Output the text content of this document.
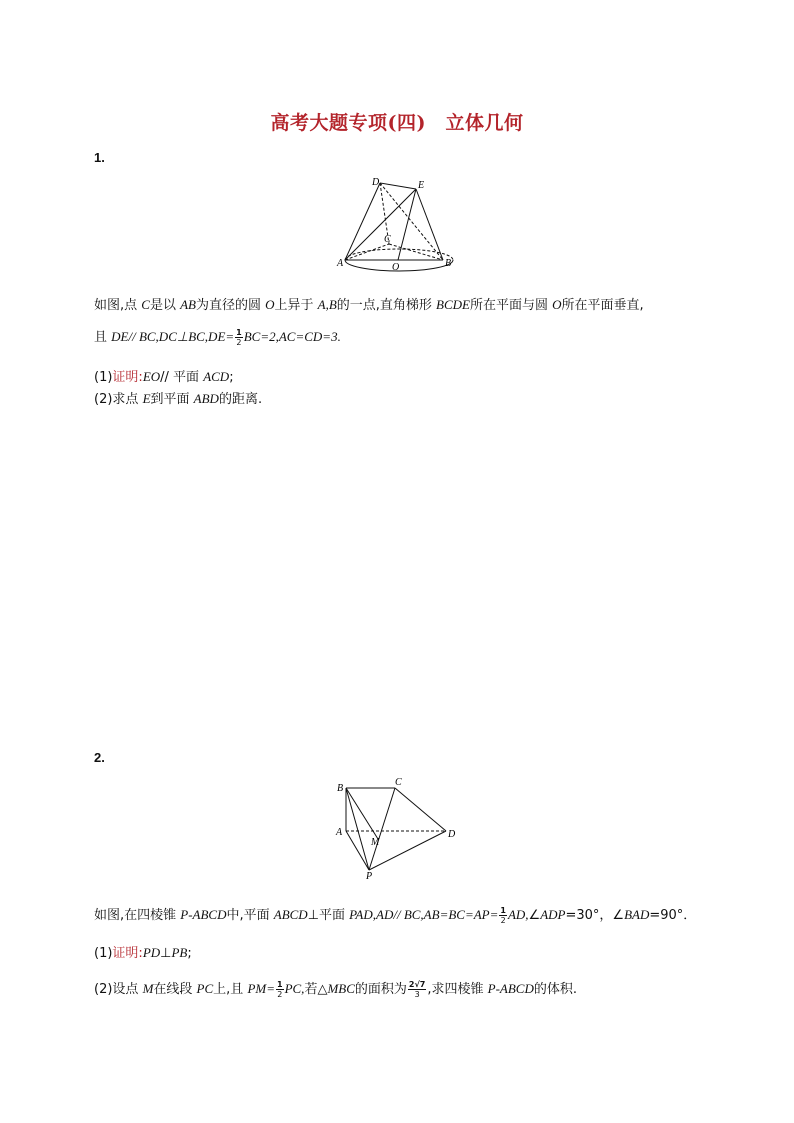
高考大题专项(四)　立体几何
1.
D	E
C
A	O	B
如图,点 C是以 AB为直径的圆 O上异于 A,B的一点,直角梯形 BCDE所在平面与圆 O所在平面垂直,
且 DE// BC,DC⊥BC,DE= $\frac{1}{2} BC=2,AC=CD=3$.
(1)证明:EO// 平面 ACD;
(2)求点 E到平面 ABD的距离.
2.
B
C
A	D
M
P
如图,在四棱锥 P-ABCD中,平面 ABCD⊥平面 PAD,AD// $BC,AB=BC=AP= \frac{1}{2}$ AD,∠ADP=30°，∠BAD=90°．
(1)证明:PD⊥PB;
(2)设点 M在线段 PC上,且 $PM= \frac{1}{2}$ PC,若△MBC的面积为 $\frac{2√7}{3}$ ,求四棱锥 P-ABCD的体积.
